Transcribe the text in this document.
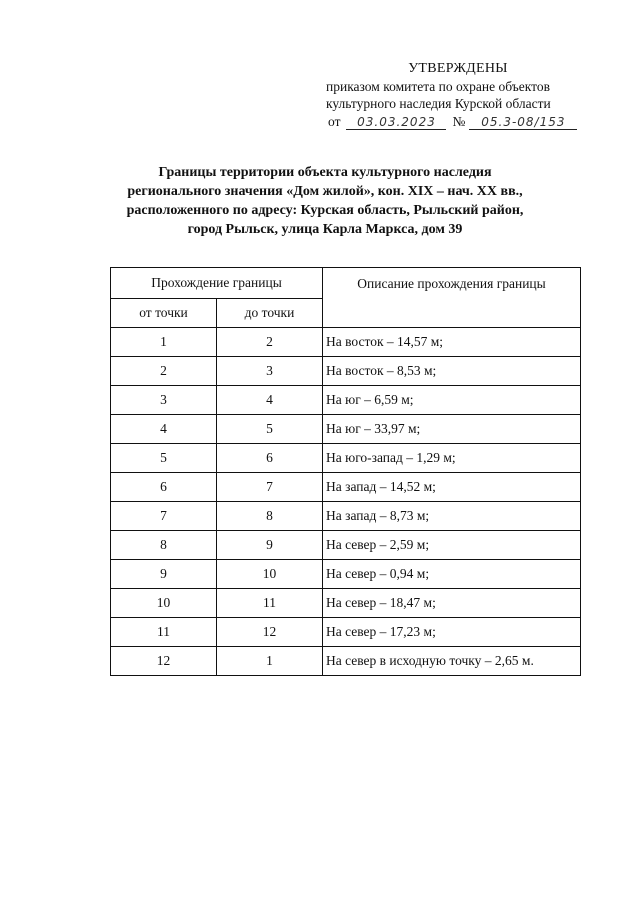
УТВЕРЖДЕНЫ
приказом комитета по охране объектов
культурного наследия Курской области
от	03.03.2023	№	05.3-08/153
Границы территории объекта культурного наследия
регионального значения «Дом жилой», кон. XIX – нач. XX вв.,
расположенного по адресу: Курская область, Рыльский район,
город Рыльск, улица Карла Маркса, дом 39
Прохождение границы		Описание прохождения границы
от точки	до точки	
1	2	На восток – 14,57 м;
2	3	На восток – 8,53 м;
3	4	На юг – 6,59 м;
4	5	На юг – 33,97 м;
5	6	На юго-запад – 1,29 м;
6	7	На запад – 14,52 м;
7	8	На запад – 8,73 м;
8	9	На север – 2,59 м;
9	10	На север – 0,94 м;
10	11	На север – 18,47 м;
11	12	На север – 17,23 м;
12	1	На север в исходную точку – 2,65 м.
